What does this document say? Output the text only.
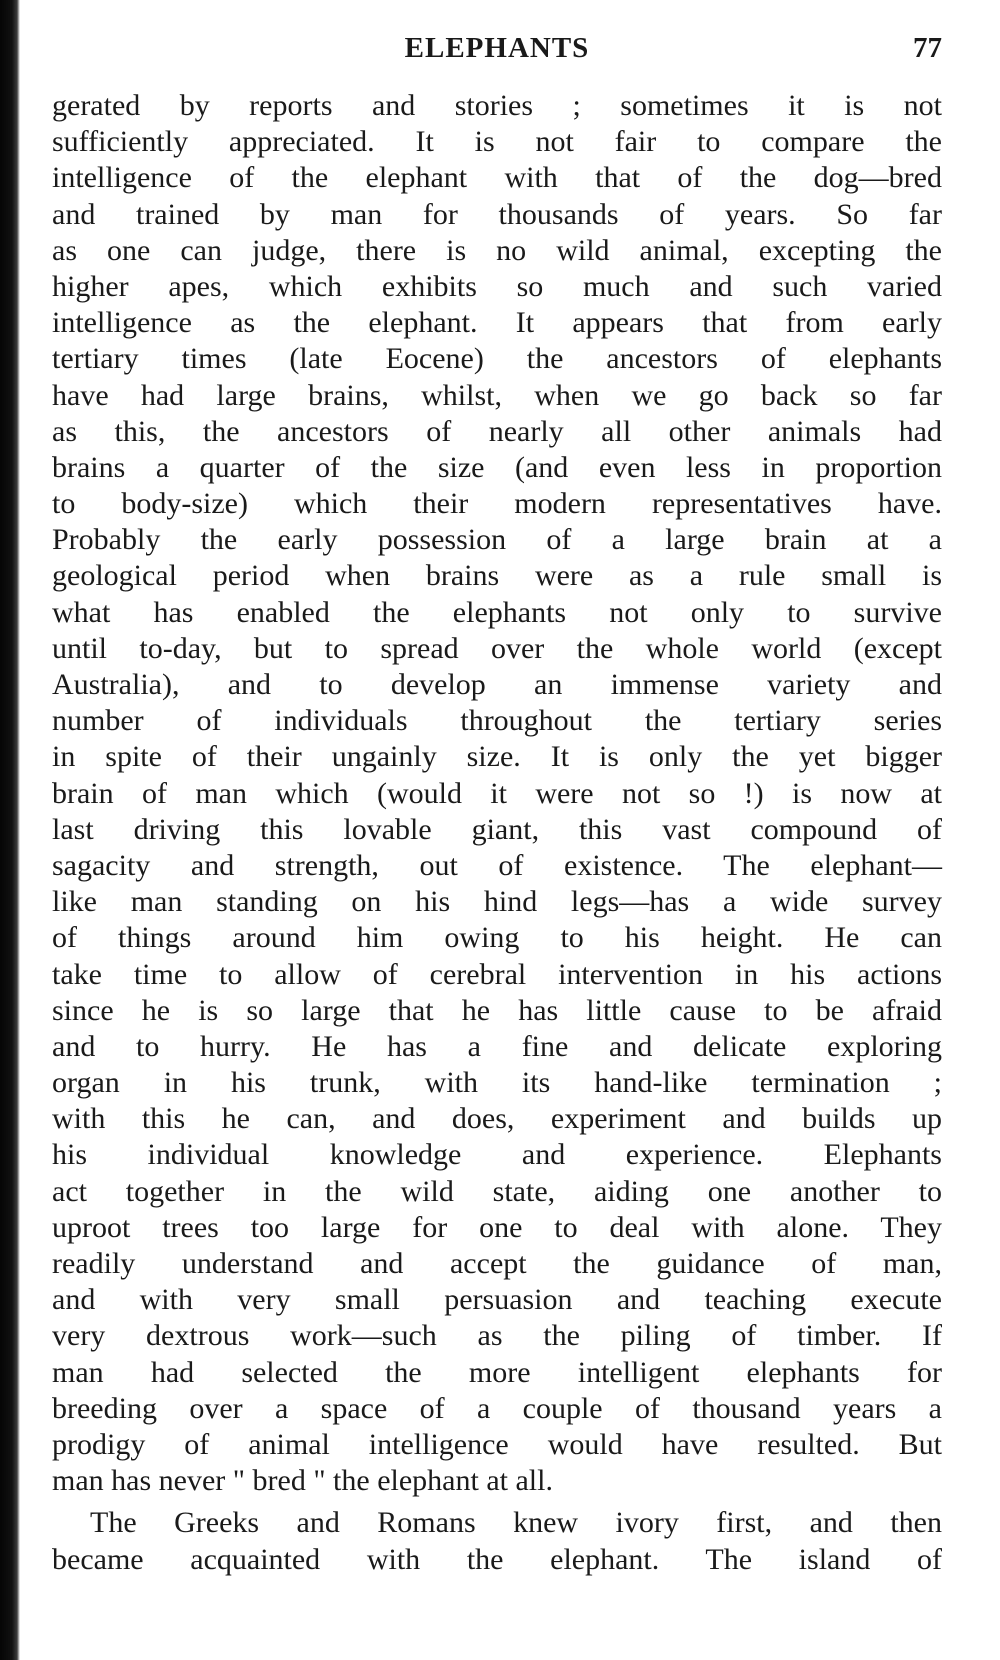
ELEPHANTS	77
gerated by reports and stories ; sometimes it is not
sufficiently appreciated. It is not fair to compare the
intelligence of the elephant with that of the dog—bred
and trained by man for thousands of years. So far
as one can judge, there is no wild animal, excepting the
higher apes, which exhibits so much and such varied
intelligence as the elephant. It appears that from early
tertiary times (late Eocene) the ancestors of elephants
have had large brains, whilst, when we go back so far
as this, the ancestors of nearly all other animals had
brains a quarter of the size (and even less in proportion
to body-size) which their modern representatives have.
Probably the early possession of a large brain at a
geological period when brains were as a rule small is
what has enabled the elephants not only to survive
until to-day, but to spread over the whole world (except
Australia), and to develop an immense variety and
number of individuals throughout the tertiary series
in spite of their ungainly size. It is only the yet bigger
brain of man which (would it were not so !) is now at
last driving this lovable giant, this vast compound of
sagacity and strength, out of existence. The elephant—
like man standing on his hind legs—has a wide survey
of things around him owing to his height. He can
take time to allow of cerebral intervention in his actions
since he is so large that he has little cause to be afraid
and to hurry. He has a fine and delicate exploring
organ in his trunk, with its hand-like termination ;
with this he can, and does, experiment and builds up
his individual knowledge and experience. Elephants
act together in the wild state, aiding one another to
uproot trees too large for one to deal with alone. They
readily understand and accept the guidance of man,
and with very small persuasion and teaching execute
very dextrous work—such as the piling of timber. If
man had selected the more intelligent elephants for
breeding over a space of a couple of thousand years a
prodigy of animal intelligence would have resulted. But
man has never " bred " the elephant at all.
The Greeks and Romans knew ivory first, and then
became acquainted with the elephant. The island of
